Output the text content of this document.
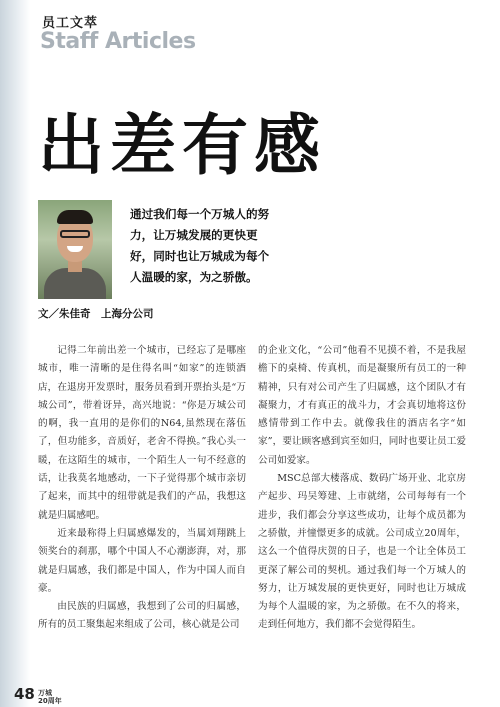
员工文萃
Staff Articles
出差有感
通过我们每一个万城人的努力，让万城发展的更快更好，同时也让万城成为每个人温暖的家，为之骄傲。
文／朱佳奇　上海分公司

记得二年前出差一个城市，已经忘了是哪座城市，唯一清晰的是住得名叫“如家”的连锁酒店，在退房开发票时，服务员看到开票抬头是“万城公司”，带着讶异，高兴地说：“你是万城公司的啊，我一直用的是你们的N64,虽然现在落伍了，但功能多，音质好，老舍不得换。”我心头一暖，在这陌生的城市，一个陌生人一句不经意的话，让我莫名地感动，一下子觉得那个城市亲切了起来，而其中的纽带就是我们的产品，我想这就是归属感吧。

近来最称得上归属感爆发的，当属刘翔跳上领奖台的刹那，哪个中国人不心潮澎湃，对，那就是归属感，我们都是中国人，作为中国人而自豪。

由民族的归属感，我想到了公司的归属感，所有的员工聚集起来组成了公司，核心就是公司

的企业文化，“公司”他看不见摸不着，不是我屋檐下的桌椅、传真机，而是凝聚所有员工的一种精神，只有对公司产生了归属感，这个团队才有凝聚力，才有真正的战斗力，才会真切地将这份感情带到工作中去。就像我住的酒店名字“如家”，要让顾客感到宾至如归，同时也要让员工爱公司如爱家。

MSC总部大楼落成、数码广场开业、北京房产起步、玛吴筹建、上市就绪，公司每每有一个进步，我们都会分享这些成功，让每个成员都为之骄傲，并憧憬更多的成就。公司成立20周年，这么一个值得庆贺的日子，也是一个让全体员工更深了解公司的契机。通过我们每一个万城人的努力，让万城发展的更快更好，同时也让万城成为每个人温暖的家，为之骄傲。在不久的将来，走到任何地方，我们都不会觉得陌生。

48 万城
20周年
